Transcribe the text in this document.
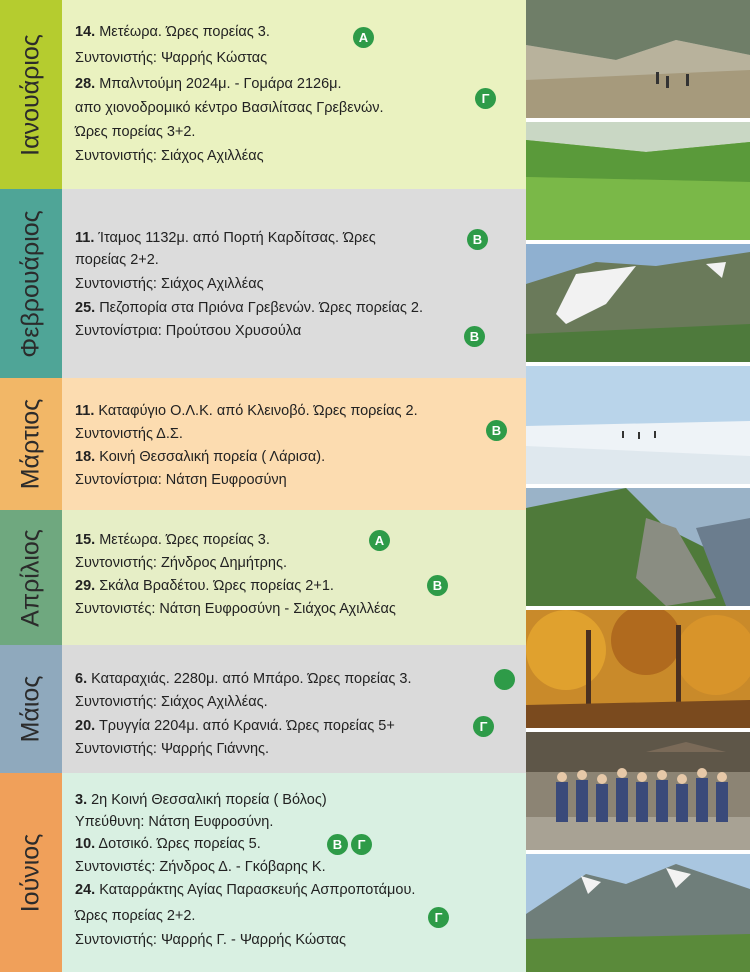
Ιανουάριος
14. Μετέωρα. Ώρες πορείας 3.
Συντονιστής: Ψαρρής Κώστας
28. Μπαλντούμη 2024μ. - Γομάρα 2126μ.
απο χιονοδρομικό κέντρο Βασιλίτσας Γρεβενών.
Ώρες πορείας 3+2.
Συντονιστής: Σιάχος Αχιλλέας
Α
Γ
Φεβρουάριος 11. Ίταμος 1132μ. από Πορτή Καρδίτσας. Ώρες
πορείας 2+2.
Συντονιστής: Σιάχος Αχιλλέας
25. Πεζοπορία στα Πριόνα Γρεβενών. Ώρες πορείας 2.
Συντονίστρια: Προύτσου Χρυσούλα
Β
Β
Μάρτιος 11. Καταφύγιο Ο.Λ.Κ. από Κλεινοβό. Ώρες πορείας 2.
Συντονιστής Δ.Σ.
18. Κοινή Θεσσαλική πορεία ( Λάρισα).
Συντονίστρια: Νάτση Ευφροσύνη
Β
Απρίλιος 15. Μετέωρα. Ώρες πορείας 3.
Συντονιστής: Ζήνδρος Δημήτρης.
29. Σκάλα Βραδέτου. Ώρες πορείας 2+1.
Συντονιστές: Νάτση Ευφροσύνη - Σιάχος Αχιλλέας
Α
Β
Μάιος 6. Καταραχιάς. 2280μ. από Μπάρο. Ώρες πορείας 3.
Συντονιστής: Σιάχος Αχιλλέας.
20. Τρυγγία 2204μ. από Κρανιά. Ώρες πορείας 5+
Συντονιστής: Ψαρρής Γιάννης.
Γ
Ιούνιος
3. 2η Κοινή Θεσσαλική πορεία ( Βόλος)
Υπεύθυνη: Νάτση Ευφροσύνη.
10. Δοτσικό. Ώρες πορείας 5.
Συντονιστές: Ζήνδρος Δ. - Γκόβαρης Κ.
24. Καταρράκτης Αγίας Παρασκευής Ασπροποτάμου.
Ώρες πορείας 2+2.
Συντονιστής: Ψαρρής Γ. - Ψαρρής Κώστας
Β	Γ
Γ
